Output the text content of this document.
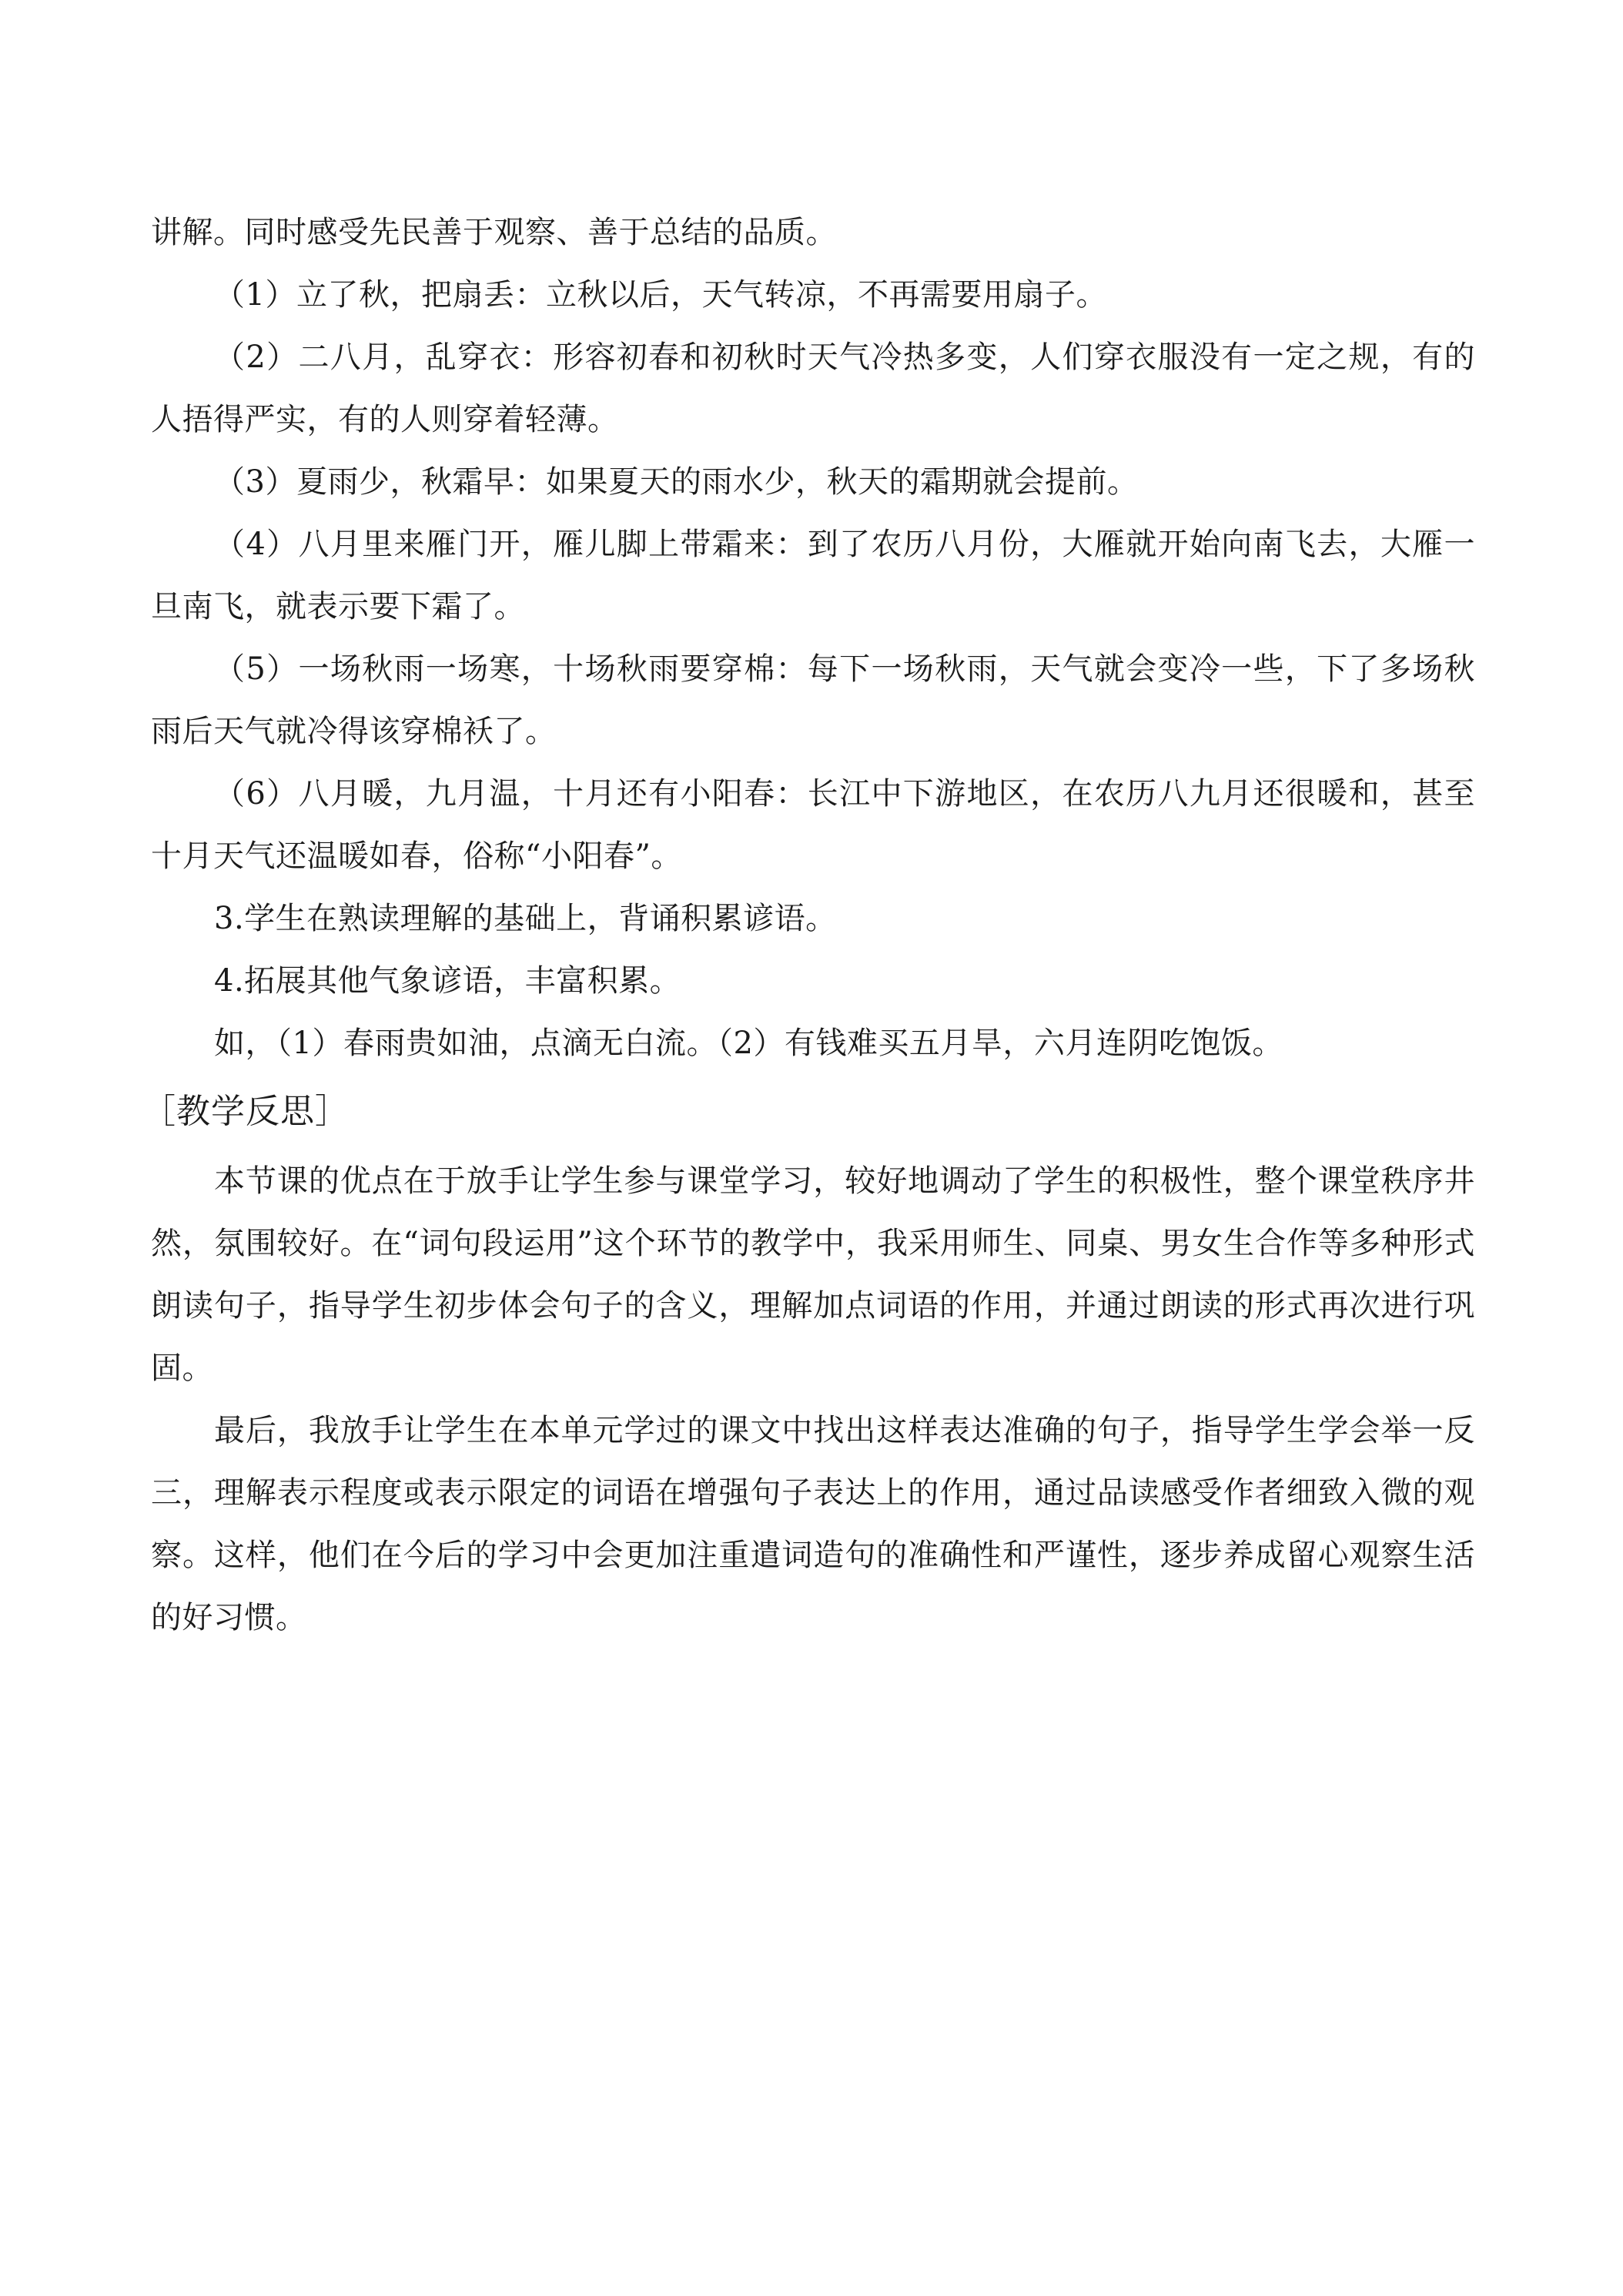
讲解。同时感受先民善于观察、善于总结的品质。

（1）立了秋，把扇丢：立秋以后，天气转凉，不再需要用扇子。

（2）二八月，乱穿衣：形容初春和初秋时天气冷热多变，人们穿衣服没有一定之规，有的人捂得严实，有的人则穿着轻薄。

（3）夏雨少，秋霜早：如果夏天的雨水少，秋天的霜期就会提前。

（4）八月里来雁门开，雁儿脚上带霜来：到了农历八月份，大雁就开始向南飞去，大雁一旦南飞，就表示要下霜了。

（5）一场秋雨一场寒，十场秋雨要穿棉：每下一场秋雨，天气就会变冷一些，下了多场秋雨后天气就冷得该穿棉袄了。

（6）八月暖，九月温，十月还有小阳春：长江中下游地区，在农历八九月还很暖和，甚至十月天气还温暖如春，俗称“小阳春”。

3.学生在熟读理解的基础上，背诵积累谚语。

4.拓展其他气象谚语，丰富积累。

如，（1）春雨贵如油，点滴无白流。（2）有钱难买五月旱，六月连阴吃饱饭。

［教学反思］

本节课的优点在于放手让学生参与课堂学习，较好地调动了学生的积极性，整个课堂秩序井然，氛围较好。在“词句段运用”这个环节的教学中，我采用师生、同桌、男女生合作等多种形式朗读句子，指导学生初步体会句子的含义，理解加点词语的作用，并通过朗读的形式再次进行巩固。

最后，我放手让学生在本单元学过的课文中找出这样表达准确的句子，指导学生学会举一反三，理解表示程度或表示限定的词语在增强句子表达上的作用，通过品读感受作者细致入微的观察。这样，他们在今后的学习中会更加注重遣词造句的准确性和严谨性，逐步养成留心观察生活的好习惯。
